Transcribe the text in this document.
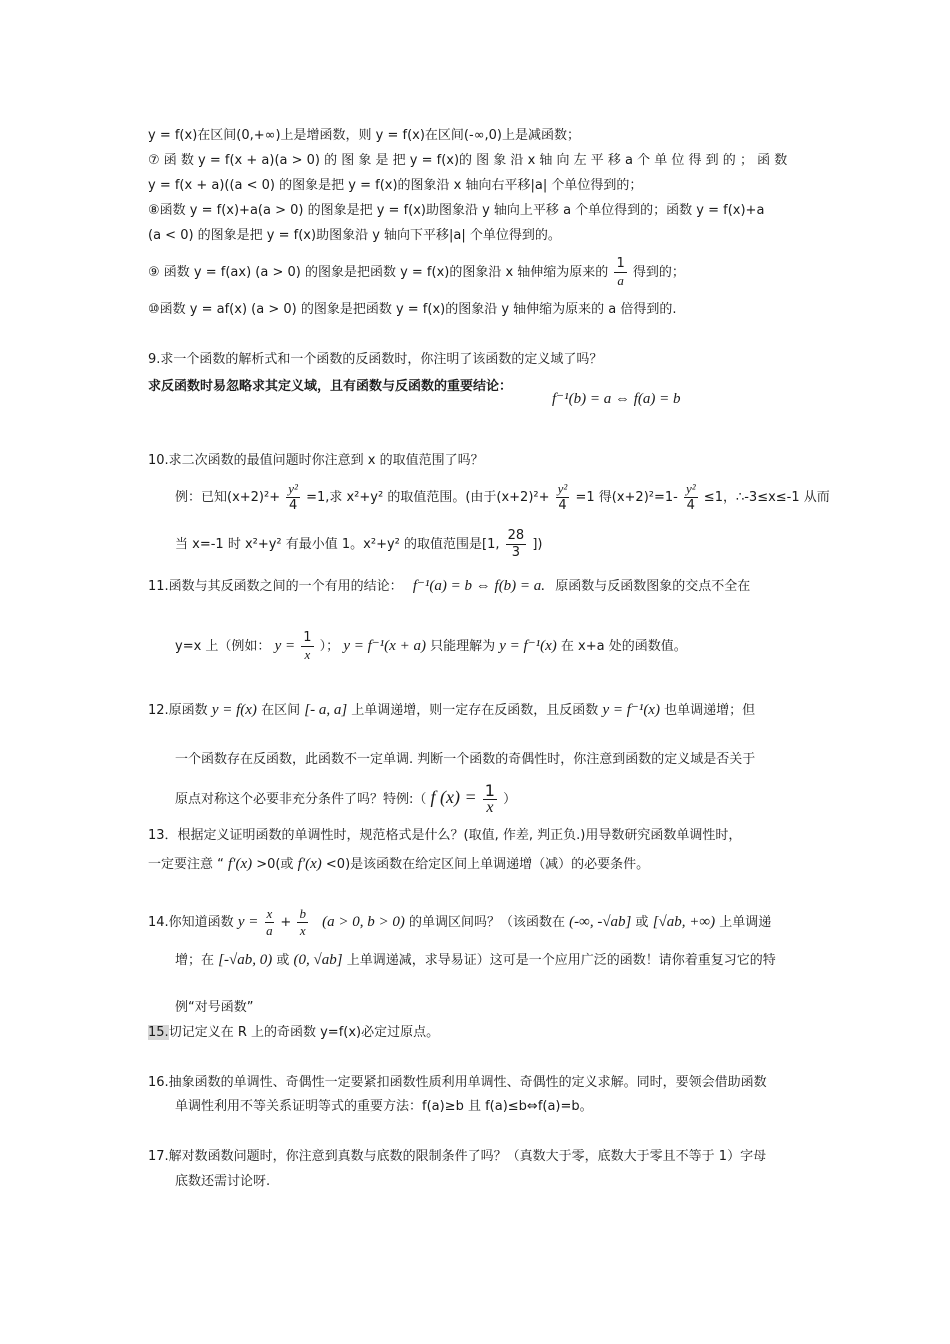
y = f(x)在区间(0,+∞)上是增函数，则 y = f(x)在区间(-∞,0)上是减函数；
⑦ 函 数 y = f(x + a)(a > 0) 的 图 象 是 把 y = f(x)的 图 象 沿 x 轴 向 左 平 移 a 个 单 位 得 到 的 ； 函 数
y = f(x + a)((a < 0) 的图象是把 y = f(x)的图象沿 x 轴向右平移|a| 个单位得到的；
⑧函数 y = f(x)+a(a > 0) 的图象是把 y = f(x)助图象沿 y 轴向上平移 a 个单位得到的；函数 y = f(x)+a
(a < 0) 的图象是把 y = f(x)助图象沿 y 轴向下平移|a| 个单位得到的。
⑨ 函数 y = f(ax) (a > 0) 的图象是把函数 y = f(x)的图象沿 x 轴伸缩为原来的 $\frac{1}{a}$ 得到的；
⑩函数 y = af(x) (a > 0) 的图象是把函数 y = f(x)的图象沿 y 轴伸缩为原来的 a 倍得到的.
9.求一个函数的解析式和一个函数的反函数时，你注明了该函数的定义域了吗？
求反函数时易忽略求其定义域，且有函数与反函数的重要结论：
f⁻¹(b) = a ⇔ f(a) = b
10.求二次函数的最值问题时你注意到 x 的取值范围了吗？
例：已知$(x+2)^2+ \frac{\text{y²}}{4} =1$,求 x²+y² 的取值范围。(由于$(x+2)^2+ \frac{\text{y²}}{4} =1$ 得$(x+2)^2=1- \frac{\text{y²}}{4} \le 1$，∴-3≤x≤-1 从而
当 x=-1 时 x²+y² 有最小值 1。x²+y² 的取值范围是[1, $\frac{28}{3}$ ])
11.函数与其反函数之间的一个有用的结论： f⁻¹(a) = b ⇔ f(b) = a. 原函数与反函数图象的交点不全在
y=x 上（例如： $y = \frac{1}{x}$ ）； y = f⁻¹(x + a) 只能理解为 y = f⁻¹(x) 在 x+a 处的函数值。
12.原函数 y = f(x) 在区间 [- a, a] 上单调递增，则一定存在反函数，且反函数 y = f⁻¹(x) 也单调递增；但
一个函数存在反函数，此函数不一定单调. 判断一个函数的奇偶性时，你注意到函数的定义域是否关于
原点对称这个必要非充分条件了吗？特例:（ f $(x) = \frac{1}{x}$ ）
13．根据定义证明函数的单调性时，规范格式是什么？(取值, 作差, 判正负.)用导数研究函数单调性时，
一定要注意 “ f′(x) >0(或 f′(x) <0)是该函数在给定区间上单调递增（减）的必要条件。
14.你知道函数 $y = \frac{x}{a} + \frac{b}{x} (a > 0$, b > 0) 的单调区间吗？（该函数在 (-∞, -√ab] 或 [√ab, +∞) 上单调递
增；在 [-√ab, 0) 或 (0, √ab] 上单调递减，求导易证）这可是一个应用广泛的函数！请你着重复习它的特
例“对号函数”
15.切记定义在 R 上的奇函数 y=f(x)必定过原点。
16.抽象函数的单调性、奇偶性一定要紧扣函数性质利用单调性、奇偶性的定义求解。同时，要领会借助函数
单调性利用不等关系证明等式的重要方法：f(a)≥b 且 f(a)≤b⇔f(a)=b。
17.解对数函数问题时，你注意到真数与底数的限制条件了吗？（真数大于零，底数大于零且不等于 1）字母
底数还需讨论呀.
